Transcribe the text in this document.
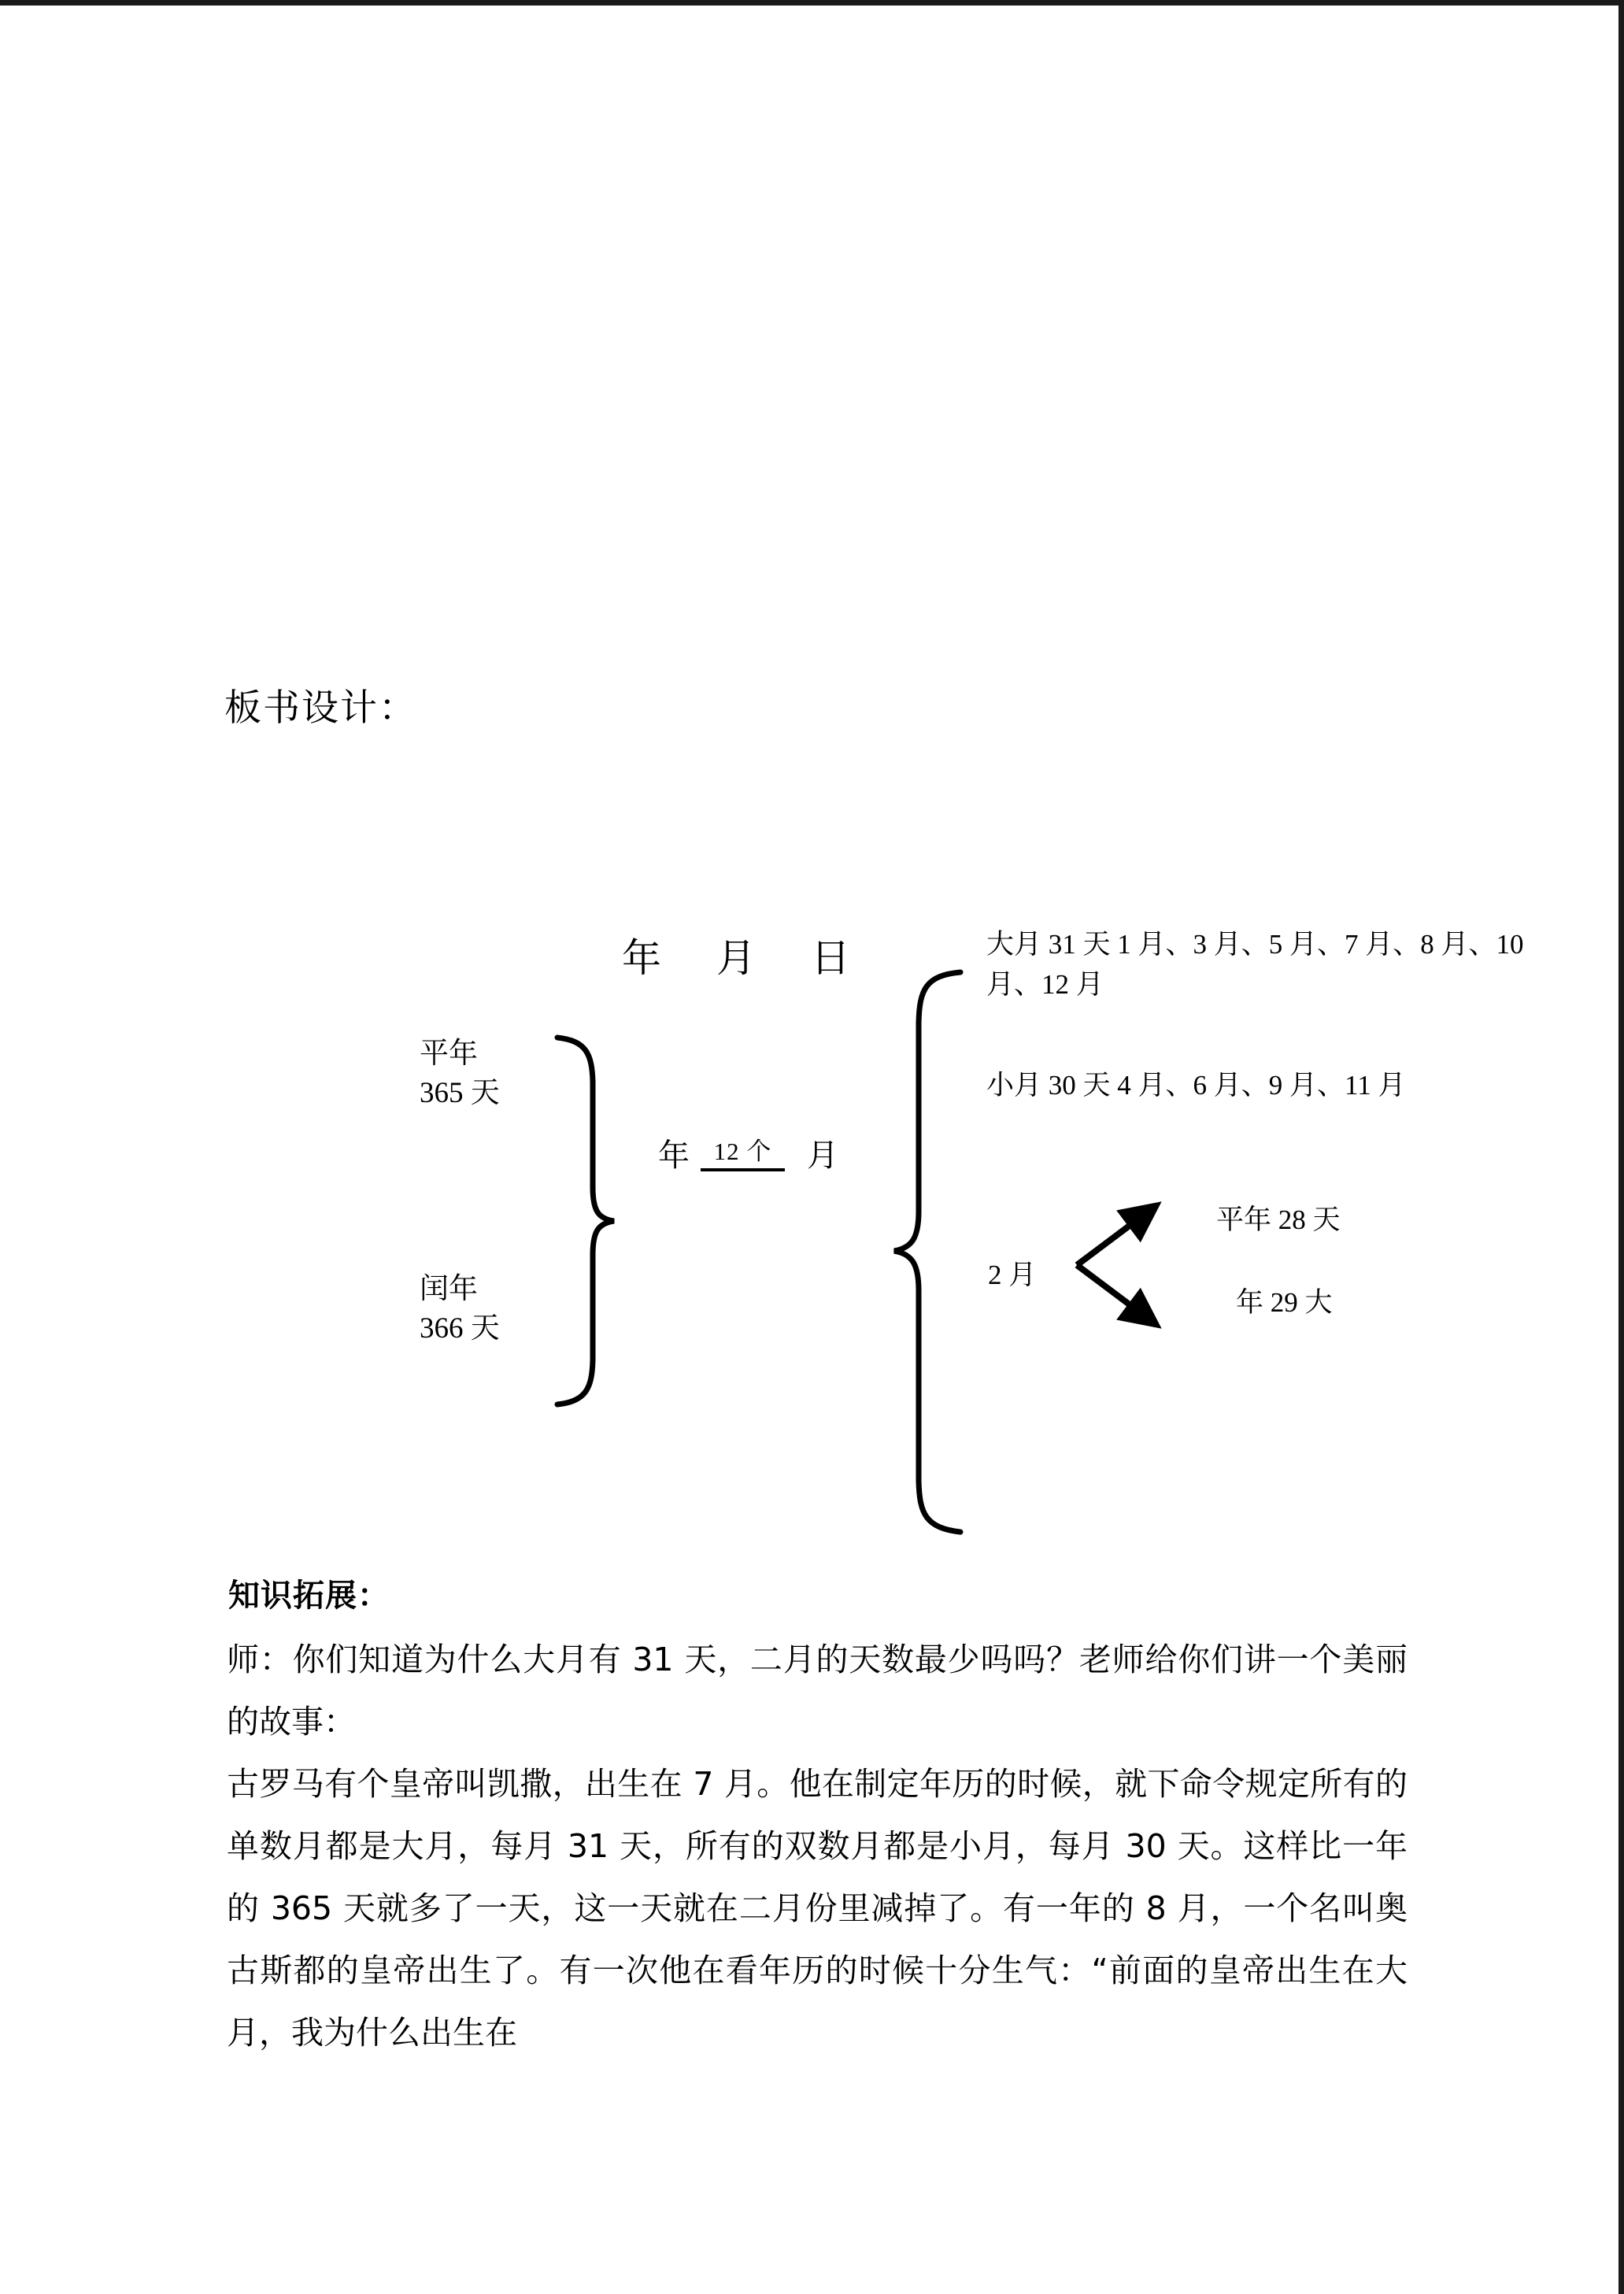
板书设计：
年 月 日
平年
365 天
闰年
366 天
年 12 个 月
大月 31 天 1 月、3 月、5 月、7 月、8 月、10 月、12 月
小月 30 天 4 月、6 月、9 月、11 月
2 月
平年 28 天
年 29 大
知识拓展：

师：你们知道为什么大月有 31 天，二月的天数最少吗吗？老师给你们讲一个美丽的故事：

古罗马有个皇帝叫凯撒，出生在 7 月。他在制定年历的时候，就下命令规定所有的单数月都是大月，每月 31 天，所有的双数月都是小月，每月 30 天。这样比一年的 365 天就多了一天，这一天就在二月份里减掉了。有一年的 8 月，一个名叫奥古斯都的皇帝出生了。有一次他在看年历的时候十分生气：“前面的皇帝出生在大月，我为什么出生在
